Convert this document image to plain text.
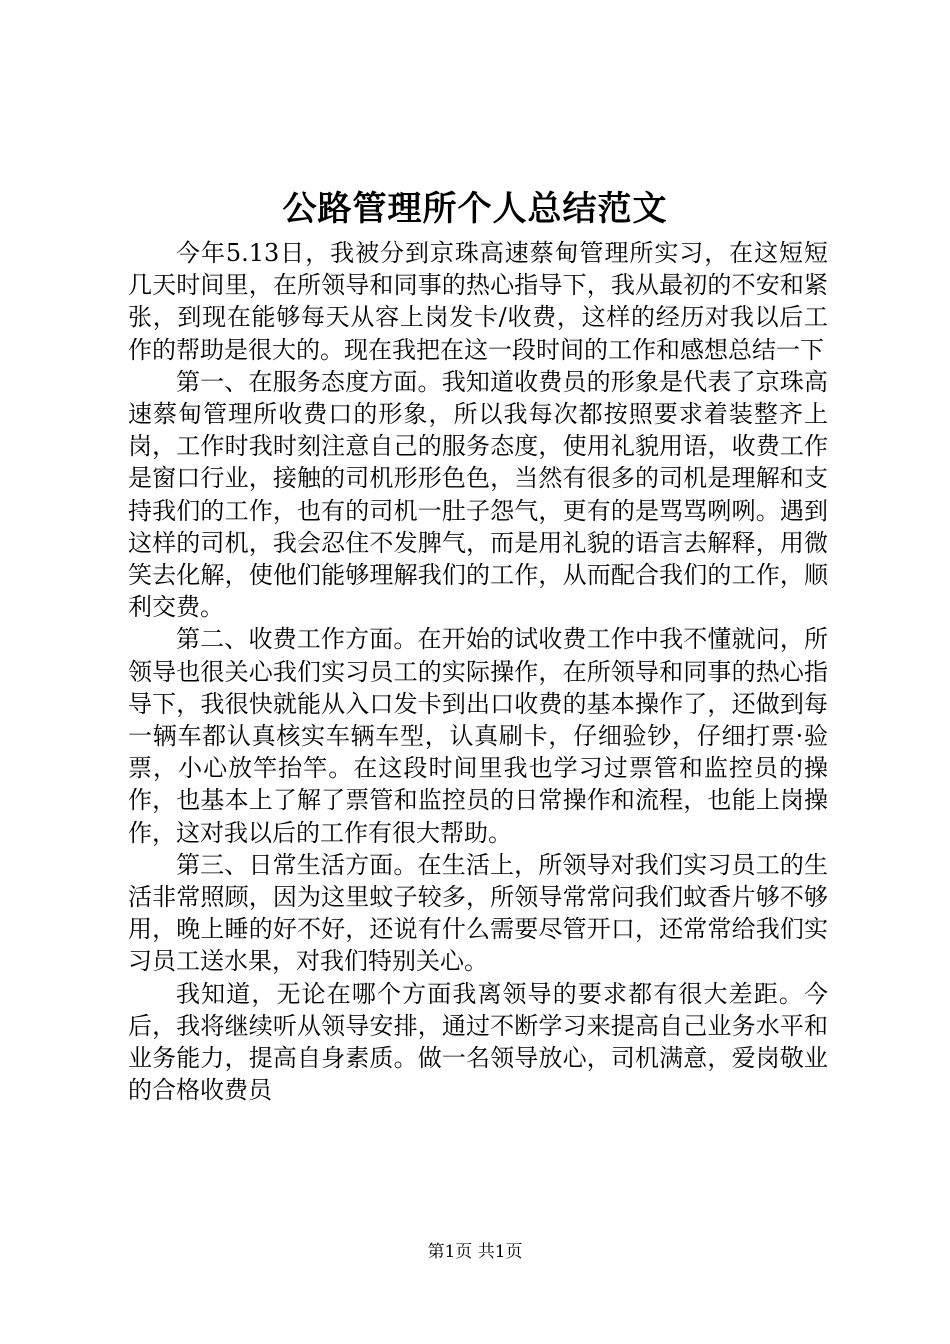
公路管理所个人总结范文

今年5.13日，我被分到京珠高速蔡甸管理所实习，在这短短几天时间里，在所领导和同事的热心指导下，我从最初的不安和紧张，到现在能够每天从容上岗发卡/收费，这样的经历对我以后工作的帮助是很大的。现在我把在这一段时间的工作和感想总结一下

第一、在服务态度方面。我知道收费员的形象是代表了京珠高速蔡甸管理所收费口的形象，所以我每次都按照要求着装整齐上岗，工作时我时刻注意自己的服务态度，使用礼貌用语，收费工作是窗口行业，接触的司机形形色色，当然有很多的司机是理解和支持我们的工作，也有的司机一肚子怨气，更有的是骂骂咧咧。遇到这样的司机，我会忍住不发脾气，而是用礼貌的语言去解释，用微笑去化解，使他们能够理解我们的工作，从而配合我们的工作，顺利交费。

第二、收费工作方面。在开始的试收费工作中我不懂就问，所领导也很关心我们实习员工的实际操作，在所领导和同事的热心指导下，我很快就能从入口发卡到出口收费的基本操作了，还做到每一辆车都认真核实车辆车型，认真刷卡，仔细验钞，仔细打票·验票，小心放竿抬竿。在这段时间里我也学习过票管和监控员的操作，也基本上了解了票管和监控员的日常操作和流程，也能上岗操作，这对我以后的工作有很大帮助。

第三、日常生活方面。在生活上，所领导对我们实习员工的生活非常照顾，因为这里蚊子较多，所领导常常问我们蚊香片够不够用，晚上睡的好不好，还说有什么需要尽管开口，还常常给我们实习员工送水果，对我们特别关心。

我知道，无论在哪个方面我离领导的要求都有很大差距。今后，我将继续听从领导安排，通过不断学习来提高自己业务水平和业务能力，提高自身素质。做一名领导放心，司机满意，爱岗敬业的合格收费员

第1页 共1页
